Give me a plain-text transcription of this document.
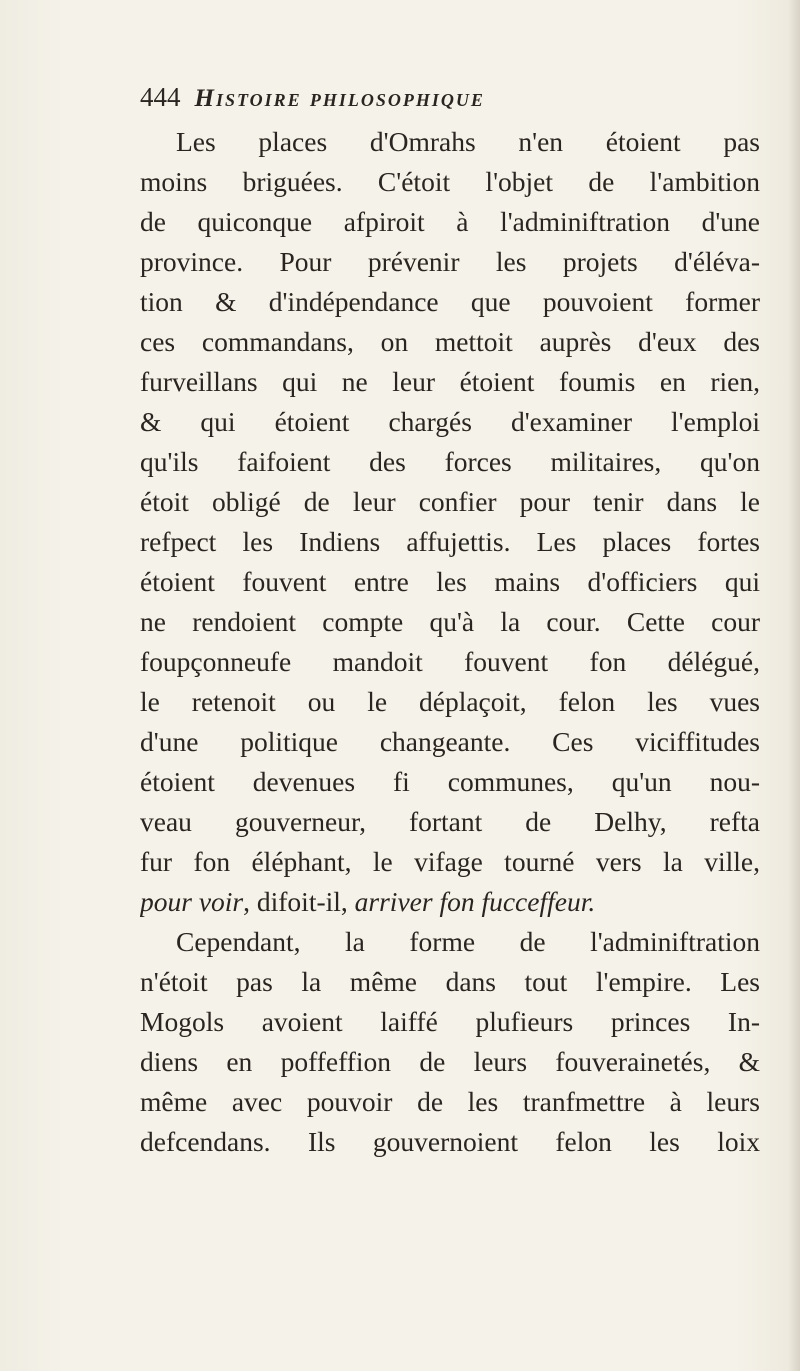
444 Histoire philosophique
Les places d'Omrahs n'en étoient pas
moins briguées. C'étoit l'objet de l'ambition
de quiconque afpiroit à l'adminiftration d'une
province. Pour prévenir les projets d'éléva-
tion & d'indépendance que pouvoient former
ces commandans, on mettoit auprès d'eux des
furveillans qui ne leur étoient foumis en rien,
& qui étoient chargés d'examiner l'emploi
qu'ils faifoient des forces militaires, qu'on
étoit obligé de leur confier pour tenir dans le
refpect les Indiens affujettis. Les places fortes
étoient fouvent entre les mains d'officiers qui
ne rendoient compte qu'à la cour. Cette cour
foupçonneufe mandoit fouvent fon délégué,
le retenoit ou le déplaçoit, felon les vues
d'une politique changeante. Ces viciffitudes
étoient devenues fi communes, qu'un nou-
veau gouverneur, fortant de Delhy, refta
fur fon éléphant, le vifage tourné vers la ville,
pour voir, difoit-il, arriver fon fucceffeur.
Cependant, la forme de l'adminiftration
n'étoit pas la même dans tout l'empire. Les
Mogols avoient laiffé plufieurs princes In-
diens en poffeffion de leurs fouverainetés, &
même avec pouvoir de les tranfmettre à leurs
defcendans. Ils gouvernoient felon les loix
